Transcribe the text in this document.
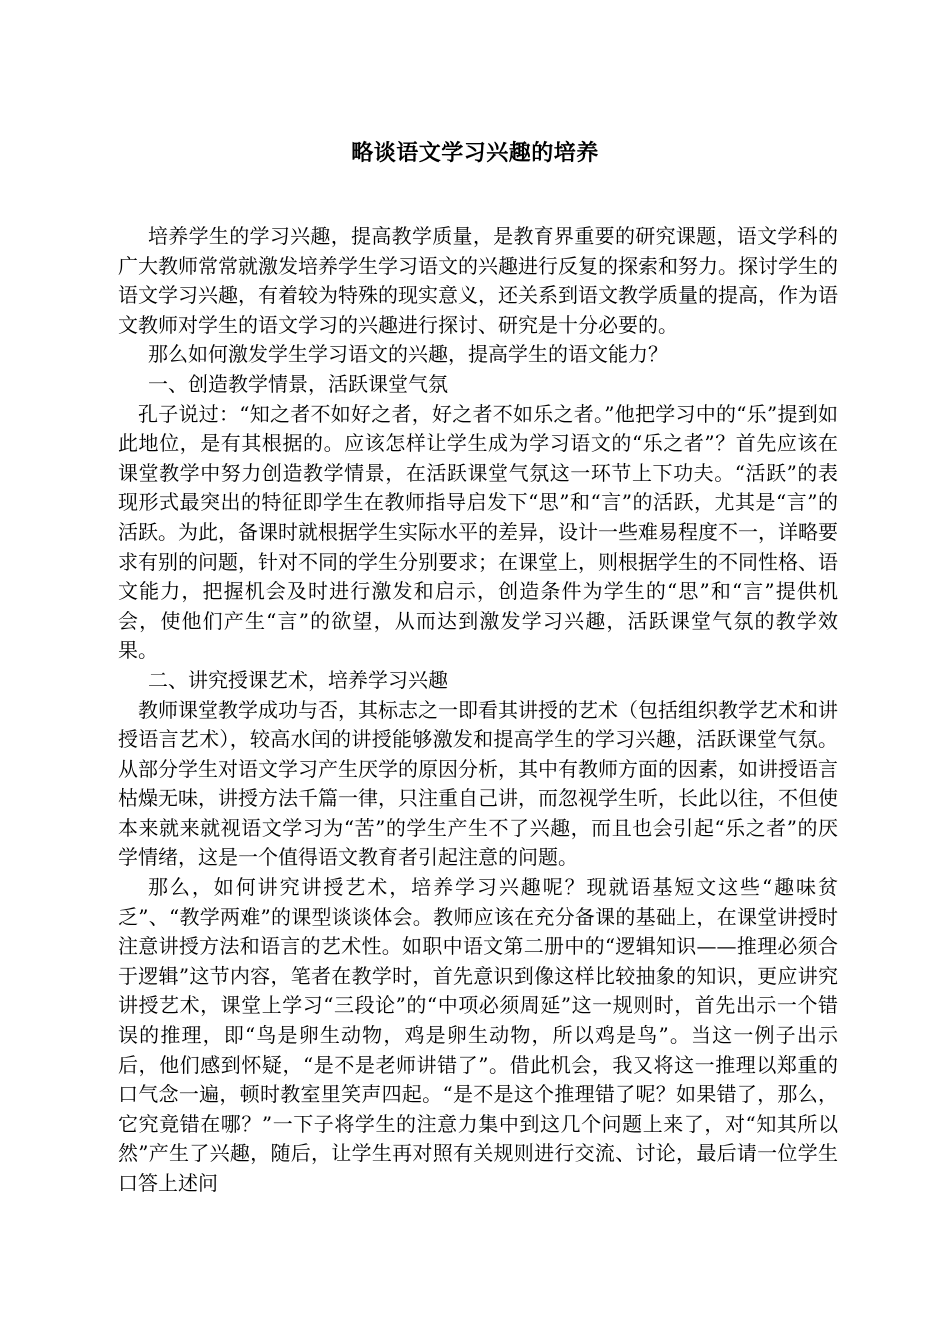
略谈语文学习兴趣的培养

培养学生的学习兴趣，提高教学质量，是教育界重要的研究课题，语文学科的广大教师常常就激发培养学生学习语文的兴趣进行反复的探索和努力。探讨学生的语文学习兴趣，有着较为特殊的现实意义，还关系到语文教学质量的提高，作为语文教师对学生的语文学习的兴趣进行探讨、研究是十分必要的。

那么如何激发学生学习语文的兴趣，提高学生的语文能力？

一、创造教学情景，活跃课堂气氛

孔子说过：“知之者不如好之者，好之者不如乐之者。”他把学习中的“乐”提到如此地位，是有其根据的。应该怎样让学生成为学习语文的“乐之者”？首先应该在课堂教学中努力创造教学情景，在活跃课堂气氛这一环节上下功夫。“活跃”的表现形式最突出的特征即学生在教师指导启发下“思”和“言”的活跃，尤其是“言”的活跃。为此，备课时就根据学生实际水平的差异，设计一些难易程度不一，详略要求有别的问题，针对不同的学生分别要求；在课堂上，则根据学生的不同性格、语文能力，把握机会及时进行激发和启示，创造条件为学生的“思”和“言”提供机会，使他们产生“言”的欲望，从而达到激发学习兴趣，活跃课堂气氛的教学效果。

二、讲究授课艺术，培养学习兴趣

教师课堂教学成功与否，其标志之一即看其讲授的艺术（包括组织教学艺术和讲授语言艺术），较高水闰的讲授能够激发和提高学生的学习兴趣，活跃课堂气氛。从部分学生对语文学习产生厌学的原因分析，其中有教师方面的因素，如讲授语言枯燥无味，讲授方法千篇一律，只注重自己讲，而忽视学生听，长此以往，不但使本来就来就视语文学习为“苦”的学生产生不了兴趣，而且也会引起“乐之者”的厌学情绪，这是一个值得语文教育者引起注意的问题。

那么，如何讲究讲授艺术，培养学习兴趣呢？现就语基短文这些“趣味贫乏”、“教学两难”的课型谈谈体会。教师应该在充分备课的基础上，在课堂讲授时注意讲授方法和语言的艺术性。如职中语文第二册中的“逻辑知识——推理必须合于逻辑”这节内容，笔者在教学时，首先意识到像这样比较抽象的知识，更应讲究讲授艺术，课堂上学习“三段论”的“中项必须周延”这一规则时，首先出示一个错误的推理，即“鸟是卵生动物，鸡是卵生动物，所以鸡是鸟”。当这一例子出示后，他们感到怀疑，“是不是老师讲错了”。借此机会，我又将这一推理以郑重的口气念一遍，顿时教室里笑声四起。“是不是这个推理错了呢？如果错了，那么，它究竟错在哪？”一下子将学生的注意力集中到这几个问题上来了，对“知其所以然”产生了兴趣，随后，让学生再对照有关规则进行交流、讨论，最后请一位学生口答上述问
